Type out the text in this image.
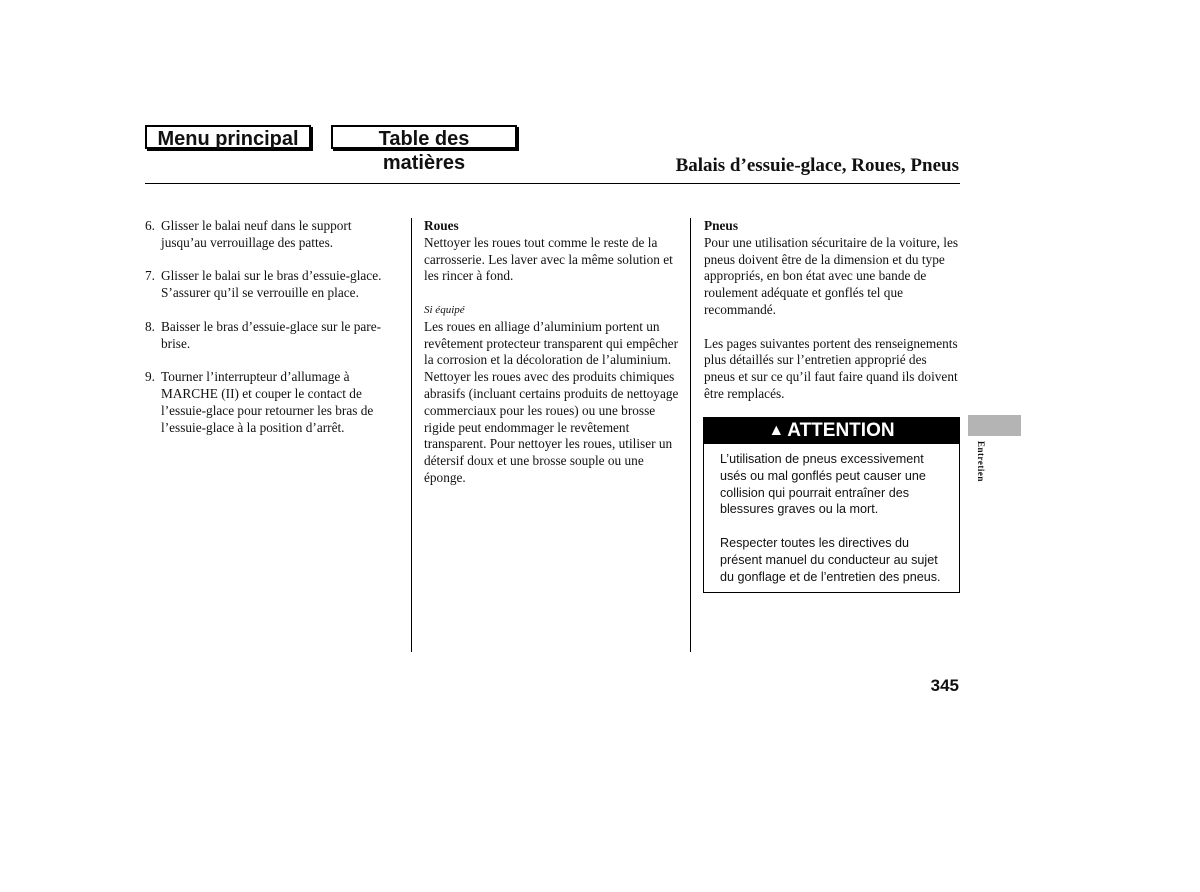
Menu principal	Table des matières	Balais d’essuie-glace, Roues, Pneus
6. Glisser le balai neuf dans le support jusqu’au verrouillage des pattes.
7. Glisser le balai sur le bras d’essuie-glace. S’assurer qu’il se verrouille en place.
8. Baisser le bras d’essuie-glace sur le pare-brise.
9. Tourner l’interrupteur d’allumage à MARCHE (II) et couper le contact de l’essuie-glace pour retourner les bras de l’essuie-glace à la position d’arrêt.
Roues

Nettoyer les roues tout comme le reste de la carrosserie. Les laver avec la même solution et les rincer à fond.

Si équipé

Les roues en alliage d’aluminium portent un revêtement protecteur transparent qui empêcher la corrosion et la décoloration de l’aluminium. Nettoyer les roues avec des produits chimiques abrasifs (incluant certains produits de nettoyage commerciaux pour les roues) ou une brosse rigide peut endommager le revêtement transparent. Pour nettoyer les roues, utiliser un détersif doux et une brosse souple ou une éponge.

Pneus

Pour une utilisation sécuritaire de la voiture, les pneus doivent être de la dimension et du type appropriés, en bon état avec une bande de roulement adéquate et gonflés tel que recommandé.

Les pages suivantes portent des renseignements plus détaillés sur l’entretien approprié des pneus et sur ce qu’il faut faire quand ils doivent être remplacés.

▲ ATTENTION

L’utilisation de pneus excessivement usés ou mal gonflés peut causer une collision qui pourrait entraîner des blessures graves ou la mort.

Respecter toutes les directives du présent manuel du conducteur au sujet du gonflage et de l’entretien des pneus.

Entretien
345
